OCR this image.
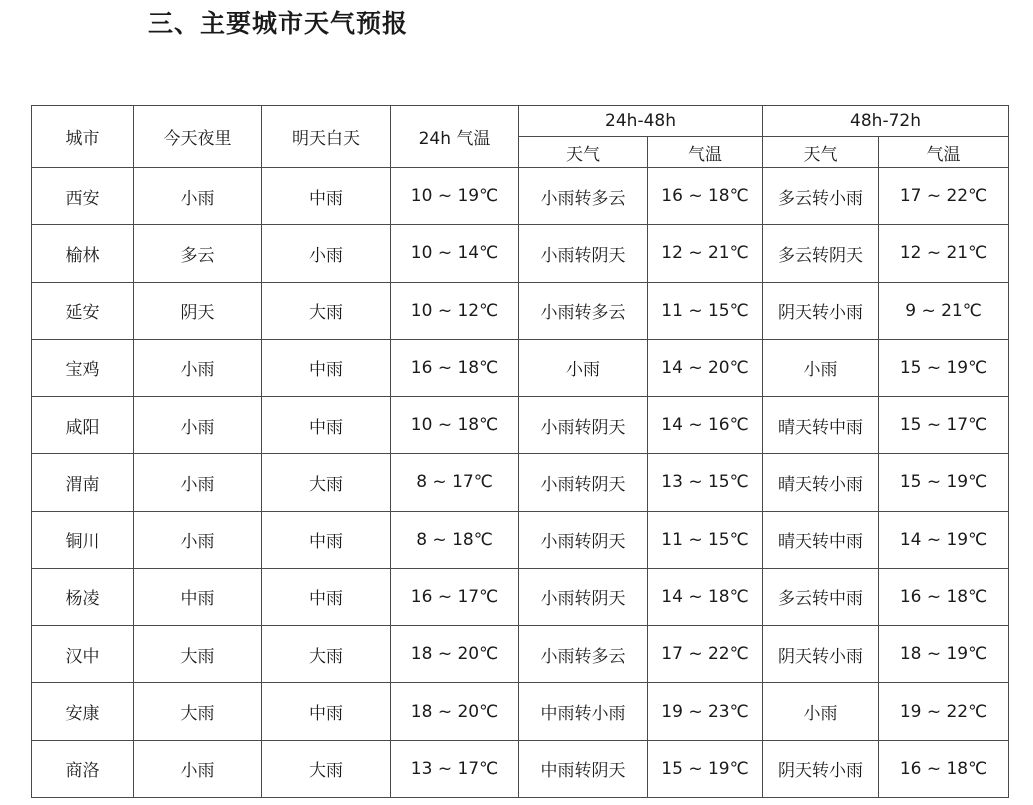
三、主要城市天气预报
城市	今天夜里	明天白天	24h 气温	24h-48h		48h-72h	
				天气	气温	天气	气温
西安	小雨	中雨	10 ~ 19℃	小雨转多云	16 ~ 18℃	多云转小雨	17 ~ 22℃
榆林	多云	小雨	10 ~ 14℃	小雨转阴天	12 ~ 21℃	多云转阴天	12 ~ 21℃
延安	阴天	大雨	10 ~ 12℃	小雨转多云	11 ~ 15℃	阴天转小雨	9 ~ 21℃
宝鸡	小雨	中雨	16 ~ 18℃	小雨	14 ~ 20℃	小雨	15 ~ 19℃
咸阳	小雨	中雨	10 ~ 18℃	小雨转阴天	14 ~ 16℃	晴天转中雨	15 ~ 17℃
渭南	小雨	大雨	8 ~ 17℃	小雨转阴天	13 ~ 15℃	晴天转小雨	15 ~ 19℃
铜川	小雨	中雨	8 ~ 18℃	小雨转阴天	11 ~ 15℃	晴天转中雨	14 ~ 19℃
杨凌	中雨	中雨	16 ~ 17℃	小雨转阴天	14 ~ 18℃	多云转中雨	16 ~ 18℃
汉中	大雨	大雨	18 ~ 20℃	小雨转多云	17 ~ 22℃	阴天转小雨	18 ~ 19℃
安康	大雨	中雨	18 ~ 20℃	中雨转小雨	19 ~ 23℃	小雨	19 ~ 22℃
商洛	小雨	大雨	13 ~ 17℃	中雨转阴天	15 ~ 19℃	阴天转小雨	16 ~ 18℃
